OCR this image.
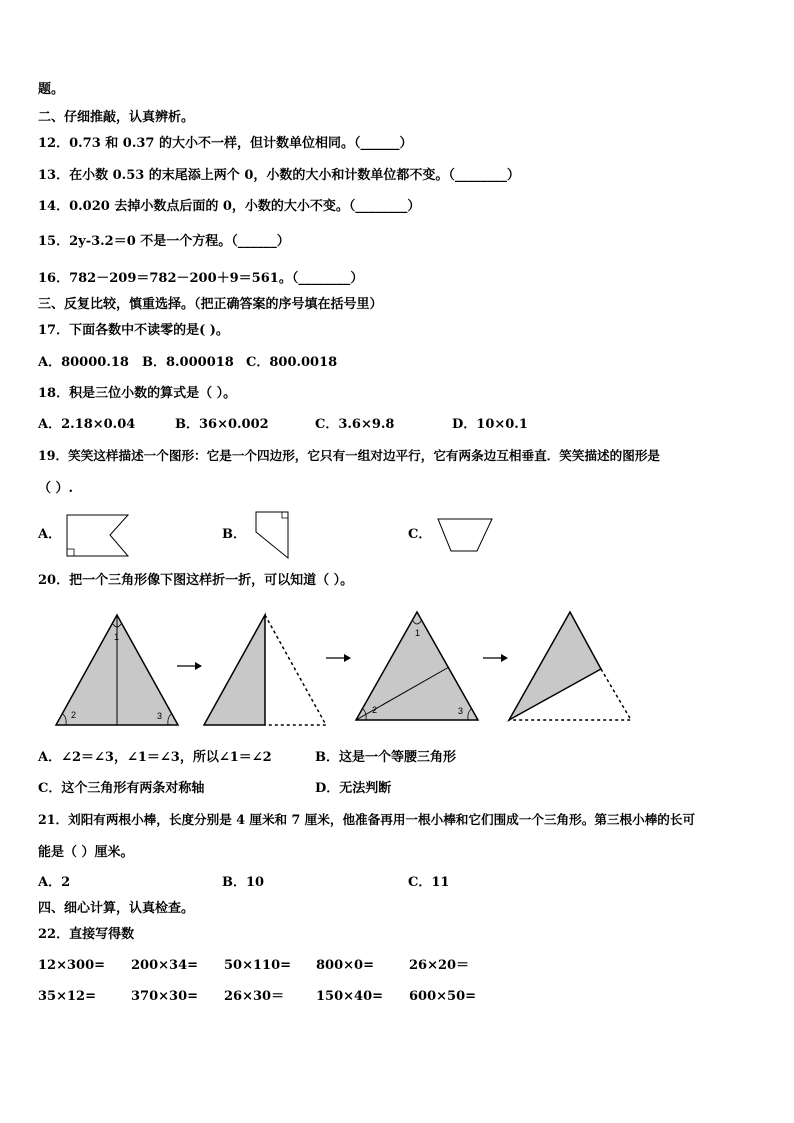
题。
二、仔细推敲，认真辨析。
12．0.73 和 0.37 的大小不一样，但计数单位相同。（______）
13．在小数 0.53 的末尾添上两个 0，小数的大小和计数单位都不变。（________）
14．0.020 去掉小数点后面的 0，小数的大小不变。（________）
15．2y-3.2＝0 不是一个方程。（______）
16．782－209＝782－200＋9＝561。（________）
三、反复比较，慎重选择。（把正确答案的序号填在括号里）
17．下面各数中不读零的是( )。
A．80000.18 B．8.000018 C．800.0018
18．积是三位小数的算式是（ ）。
A．2.18×0.04	B．36×0.002	C．3.6×9.8	D．10×0.1
19．笑笑这样描述一个图形：它是一个四边形，它只有一组对边平行，它有两条边互相垂直．笑笑描述的图形是
（ ）.
A．	B．	C．
20．把一个三角形像下图这样折一折，可以知道（ ）。
A．∠2＝∠3，∠1＝∠3，所以∠1＝∠2	B．这是一个等腰三角形
C．这个三角形有两条对称轴	D．无法判断
21．刘阳有两根小棒，长度分别是 4 厘米和 7 厘米，他准备再用一根小棒和它们围成一个三角形。第三根小棒的长可
能是（ ）厘米。
A．2	B．10	C．11
四、细心计算，认真检查。
22．直接写得数
12×300= 200×34= 50×110= 800×0=	26×20＝
35×12=	370×30= 26×30＝ 150×40= 600×50=
1
2	3
1
2	3
